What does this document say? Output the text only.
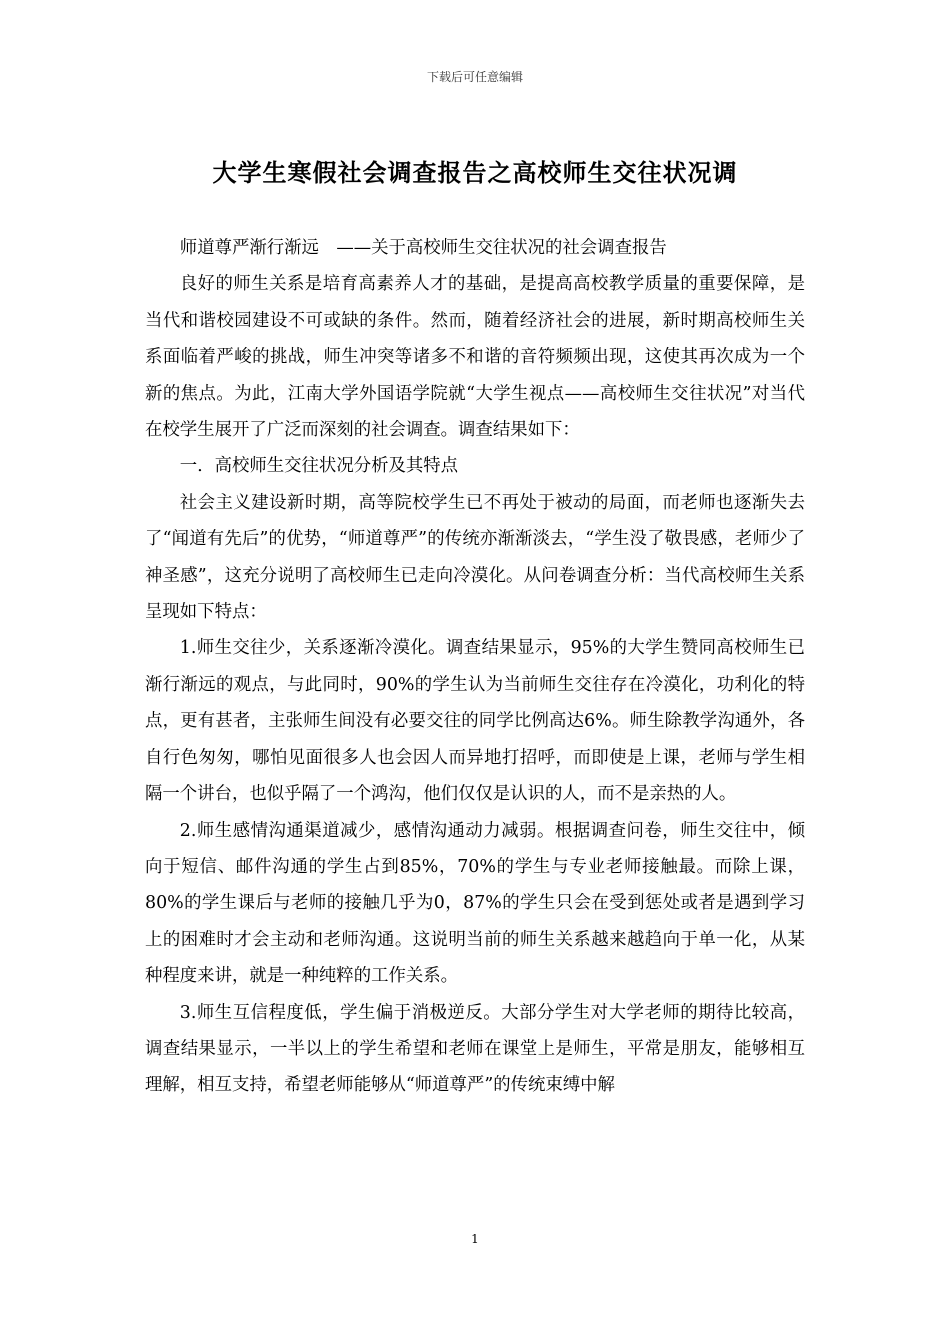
下载后可任意编辑
大学生寒假社会调查报告之高校师生交往状况调

师道尊严渐行渐远　——关于高校师生交往状况的社会调查报告

良好的师生关系是培育高素养人才的基础，是提高高校教学质量的重要保障，是当代和谐校园建设不可或缺的条件。然而，随着经济社会的进展，新时期高校师生关系面临着严峻的挑战，师生冲突等诸多不和谐的音符频频出现，这使其再次成为一个新的焦点。为此，江南大学外国语学院就“大学生视点——高校师生交往状况”对当代在校学生展开了广泛而深刻的社会调查。调查结果如下：

一．高校师生交往状况分析及其特点

社会主义建设新时期，高等院校学生已不再处于被动的局面，而老师也逐渐失去了“闻道有先后”的优势，“师道尊严”的传统亦渐渐淡去，“学生没了敬畏感，老师少了神圣感”，这充分说明了高校师生已走向冷漠化。从问卷调查分析：当代高校师生关系呈现如下特点：

1.师生交往少，关系逐渐冷漠化。调查结果显示，95%的大学生赞同高校师生已渐行渐远的观点，与此同时，90%的学生认为当前师生交往存在冷漠化，功利化的特点，更有甚者，主张师生间没有必要交往的同学比例高达6%。师生除教学沟通外，各自行色匆匆，哪怕见面很多人也会因人而异地打招呼，而即使是上课，老师与学生相隔一个讲台，也似乎隔了一个鸿沟，他们仅仅是认识的人，而不是亲热的人。

2.师生感情沟通渠道减少，感情沟通动力减弱。根据调查问卷，师生交往中，倾向于短信、邮件沟通的学生占到85%，70%的学生与专业老师接触最。而除上课，80%的学生课后与老师的接触几乎为0，87%的学生只会在受到惩处或者是遇到学习上的困难时才会主动和老师沟通。这说明当前的师生关系越来越趋向于单一化，从某种程度来讲，就是一种纯粹的工作关系。

3.师生互信程度低，学生偏于消极逆反。大部分学生对大学老师的期待比较高，调查结果显示，一半以上的学生希望和老师在课堂上是师生，平常是朋友，能够相互理解，相互支持，希望老师能够从“师道尊严”的传统束缚中解

1
